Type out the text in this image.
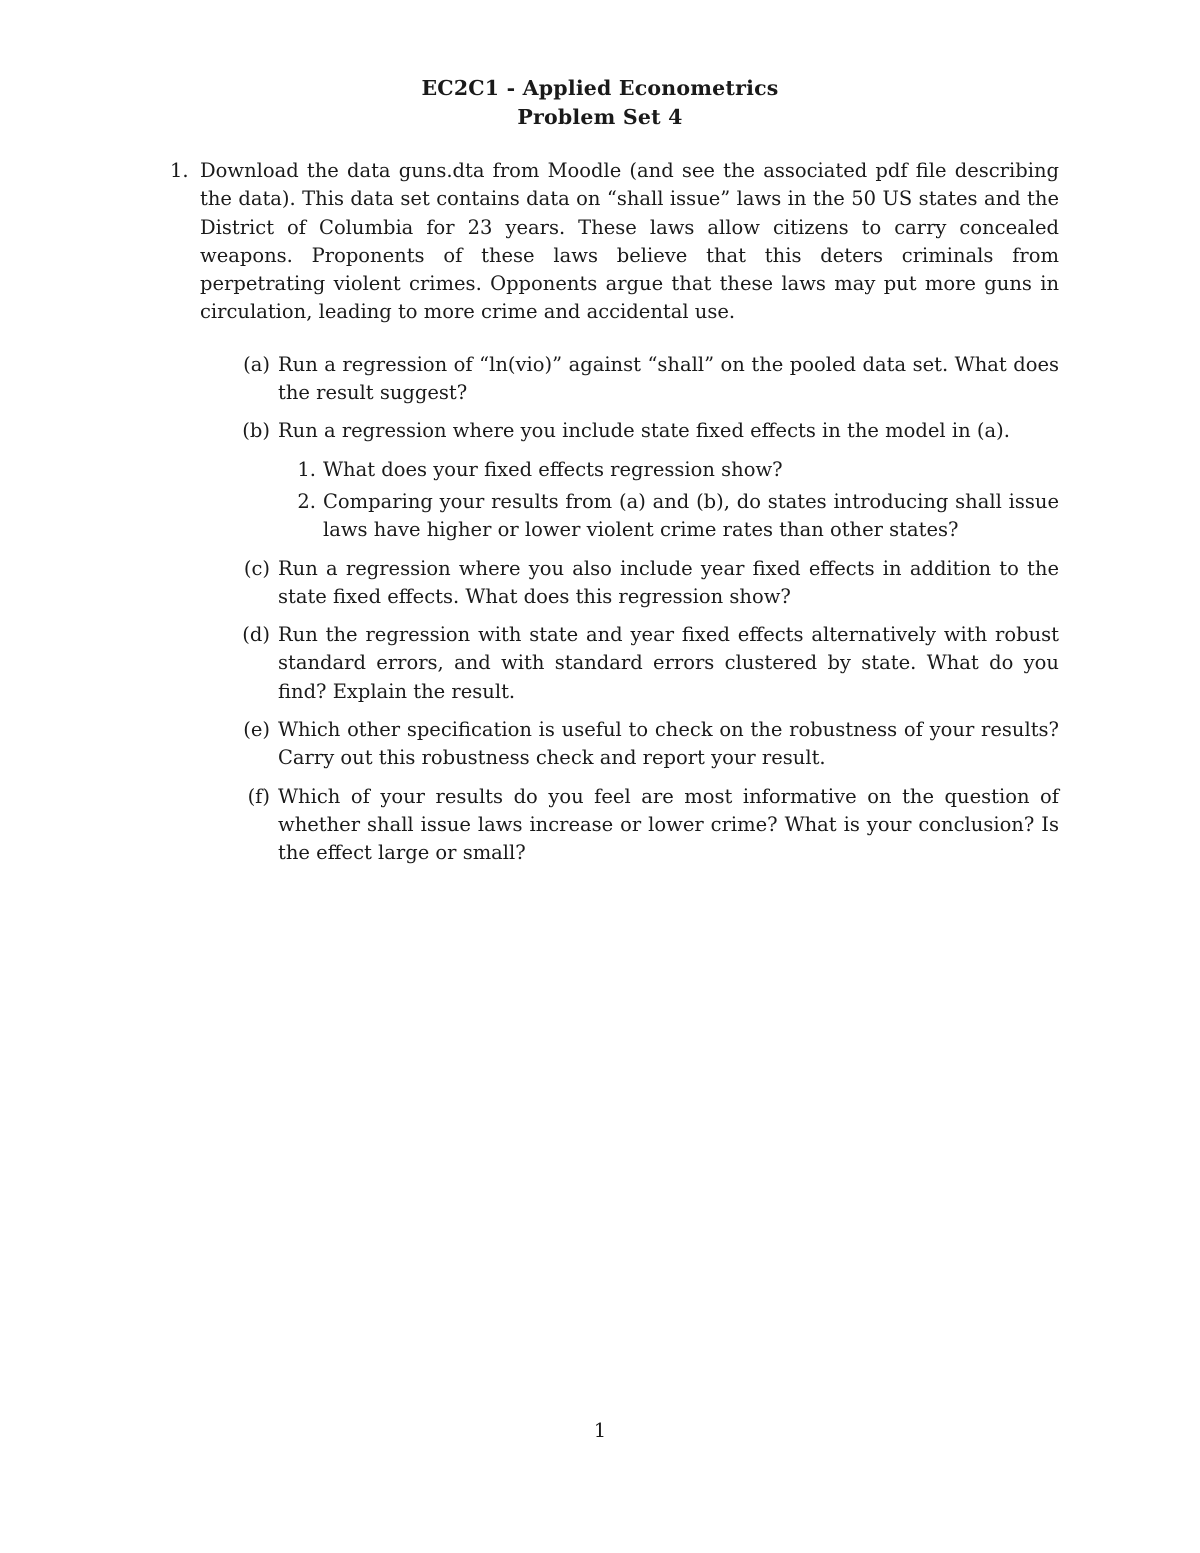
EC2C1 - Applied Econometrics
Problem Set 4
1. Download the data guns.dta from Moodle (and see the associated pdf file describing the data). This data set contains data on “shall issue” laws in the 50 US states and the District of Columbia for 23 years. These laws allow citizens to carry concealed weapons. Proponents of these laws believe that this deters criminals from perpetrating violent crimes. Opponents argue that these laws may put more guns in circulation, leading to more crime and accidental use.
(a) Run a regression of “ln(vio)” against “shall” on the pooled data set. What does the result suggest?
(b) Run a regression where you include state fixed effects in the model in (a).
1. What does your fixed effects regression show?
2. Comparing your results from (a) and (b), do states introducing shall issue laws have higher or lower violent crime rates than other states?
(c) Run a regression where you also include year fixed effects in addition to the state fixed effects. What does this regression show?
(d) Run the regression with state and year fixed effects alternatively with robust standard errors, and with standard errors clustered by state. What do you find? Explain the result.
(e) Which other specification is useful to check on the robustness of your results? Carry out this robustness check and report your result.
(f) Which of your results do you feel are most informative on the question of whether shall issue laws increase or lower crime? What is your conclusion? Is the effect large or small?
1
